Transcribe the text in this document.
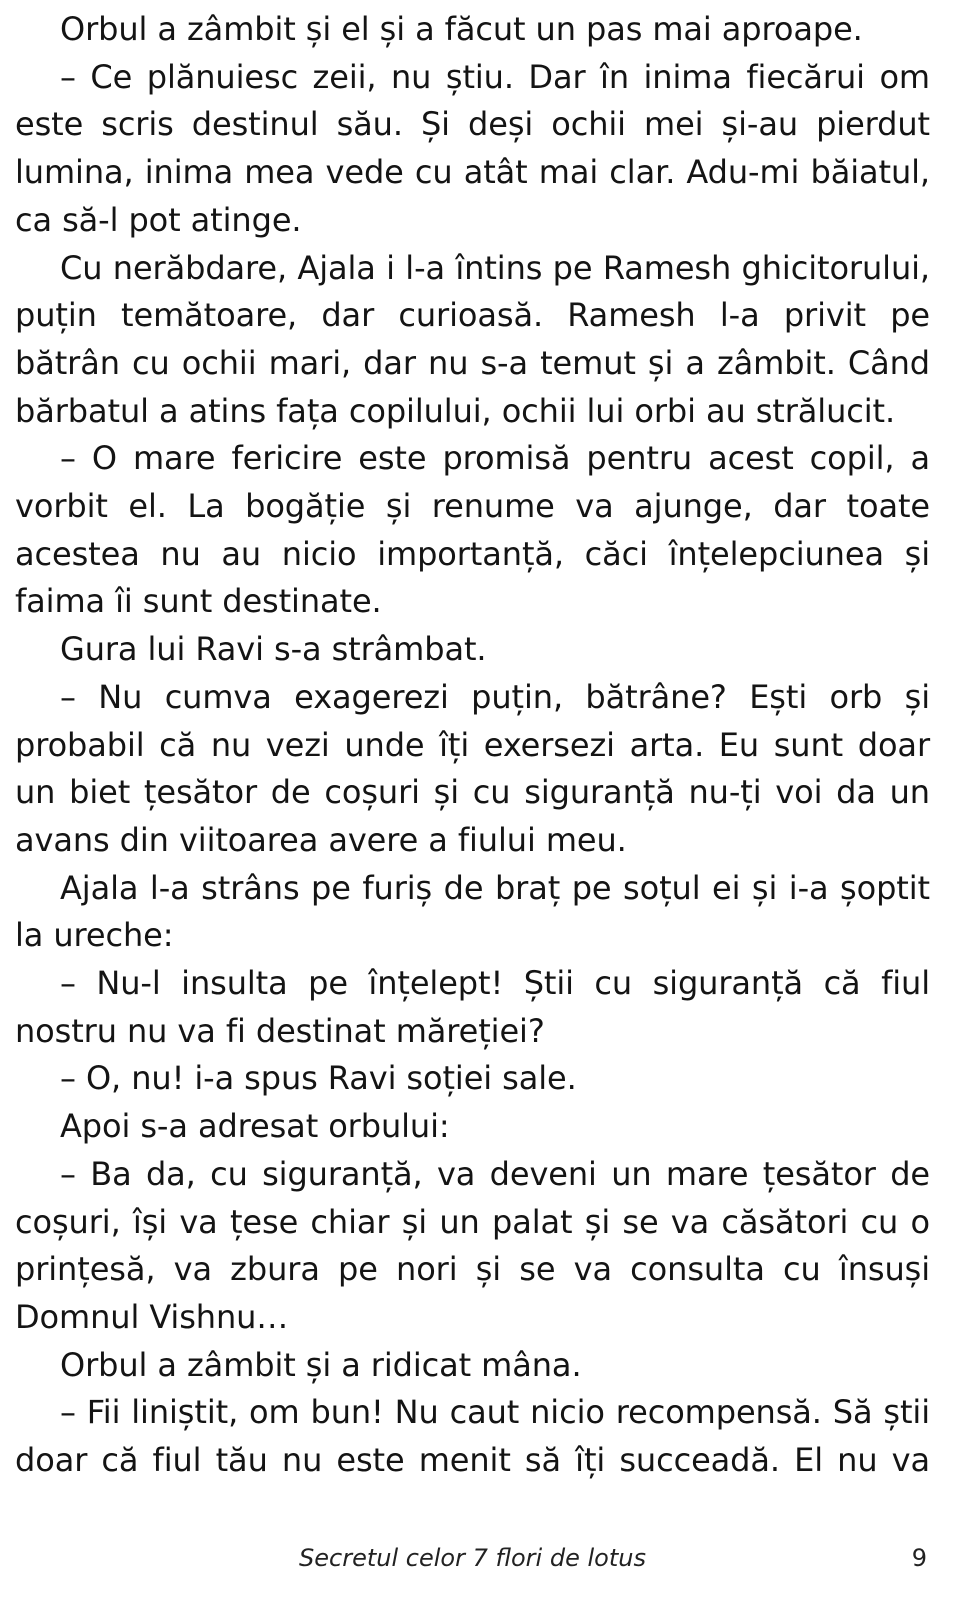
Orbul a zâmbit și el și a făcut un pas mai aproape.

– Ce plănuiesc zeii, nu știu. Dar în inima fiecărui om este scris destinul său. Și deși ochii mei și-au pierdut lumina, inima mea vede cu atât mai clar. Adu-mi băiatul, ca să-l pot atinge.

Cu nerăbdare, Ajala i l-a întins pe Ramesh ghicitorului, puțin temătoare, dar curioasă. Ramesh l-a privit pe bătrân cu ochii mari, dar nu s-a temut și a zâmbit. Când bărbatul a atins fața copilului, ochii lui orbi au strălucit.

– O mare fericire este promisă pentru acest copil, a vorbit el. La bogăție și renume va ajunge, dar toate acestea nu au nicio importanță, căci înțelepciunea și faima îi sunt destinate.

Gura lui Ravi s-a strâmbat.

– Nu cumva exagerezi puțin, bătrâne? Ești orb și probabil că nu vezi unde îți exersezi arta. Eu sunt doar un biet țesător de coșuri și cu siguranță nu-ți voi da un avans din viitoarea avere a fiului meu.

Ajala l-a strâns pe furiș de braț pe soțul ei și i-a șoptit la ureche:

– Nu-l insulta pe înțelept! Știi cu siguranță că fiul nostru nu va fi destinat măreției?

– O, nu! i-a spus Ravi soției sale.

Apoi s-a adresat orbului:

– Ba da, cu siguranță, va deveni un mare țesător de coșuri, își va țese chiar și un palat și se va căsători cu o prințesă, va zbura pe nori și se va consulta cu însuși Domnul Vishnu…

Orbul a zâmbit și a ridicat mâna.

– Fii liniștit, om bun! Nu caut nicio recompensă. Să știi doar că fiul tău nu este menit să îți succeadă. El nu va

Secretul celor 7 flori de lotus	9
